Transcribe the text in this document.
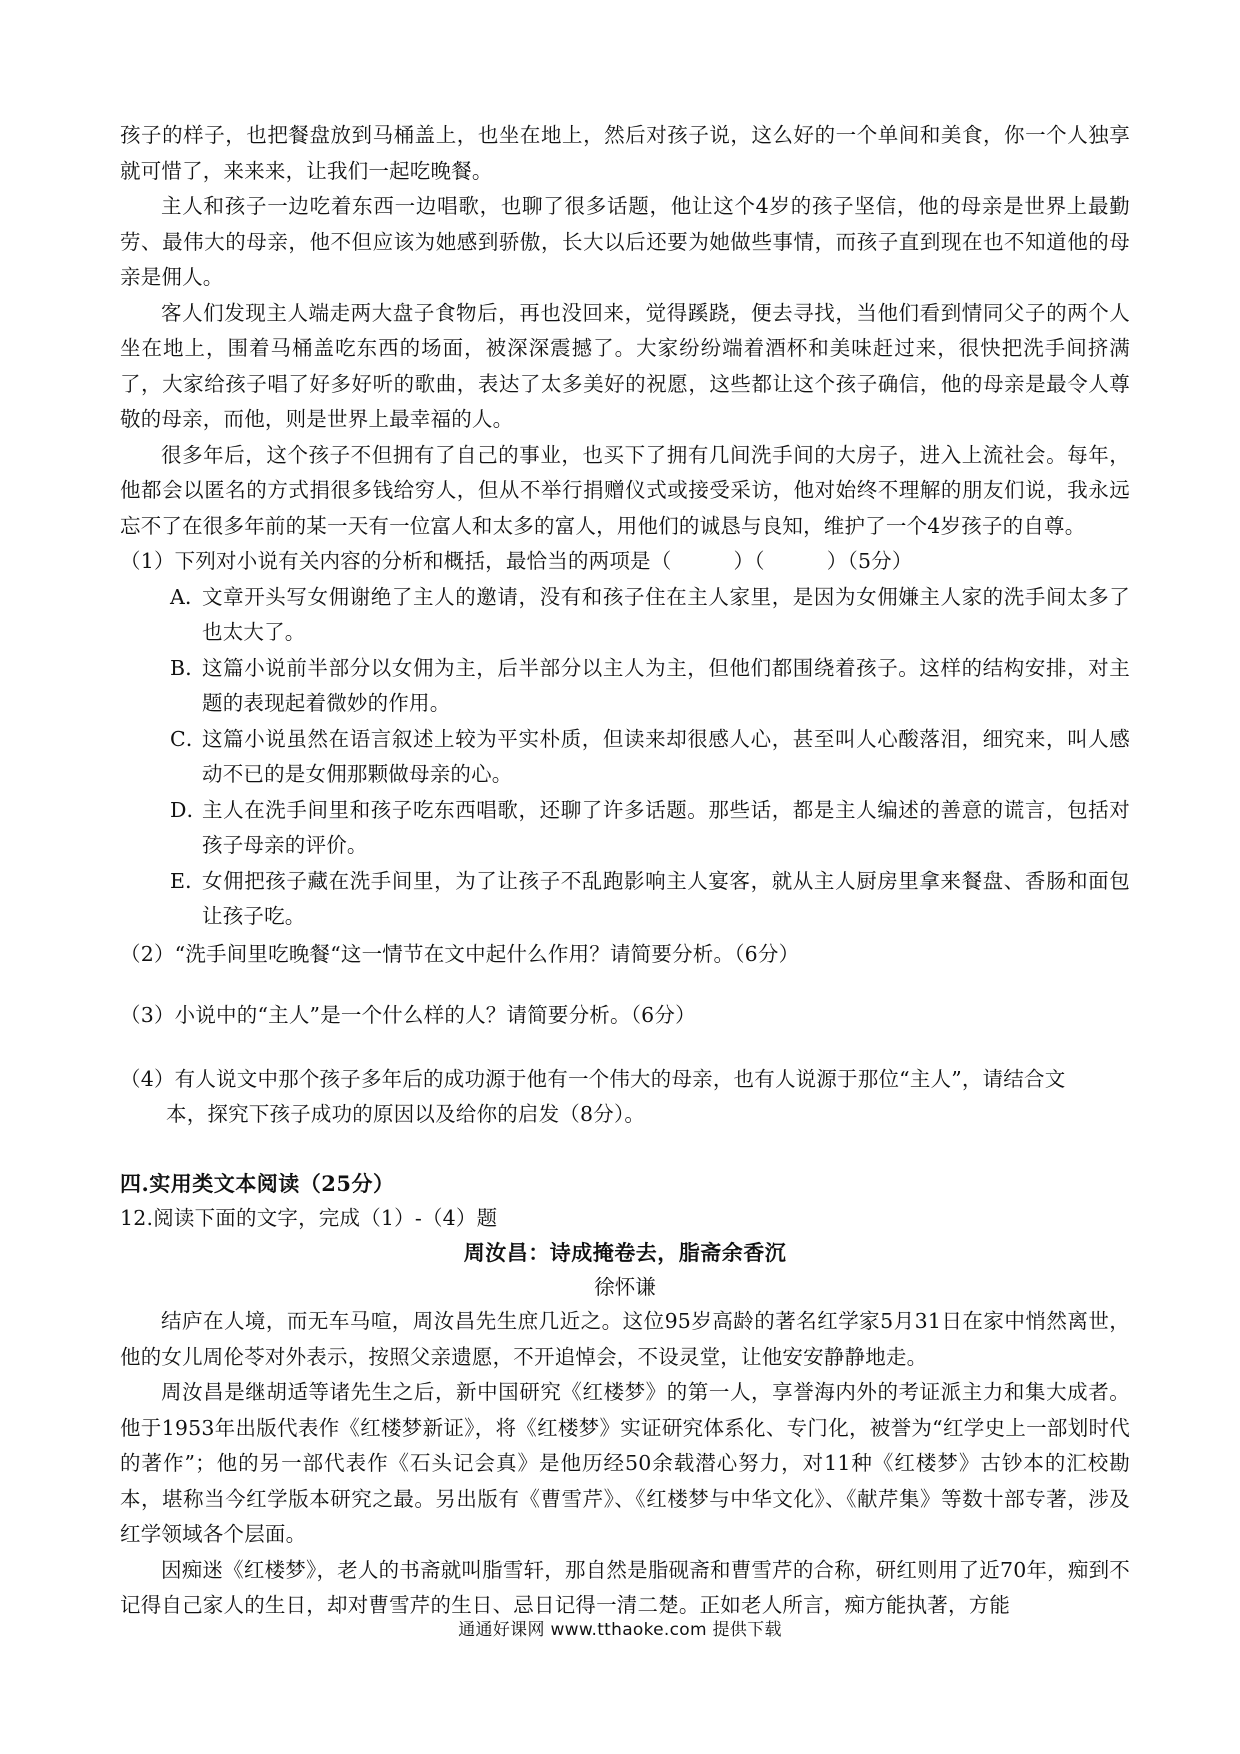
孩子的样子，也把餐盘放到马桶盖上，也坐在地上，然后对孩子说，这么好的一个单间和美食，你一个人独享就可惜了，来来来，让我们一起吃晚餐。

主人和孩子一边吃着东西一边唱歌，也聊了很多话题，他让这个4岁的孩子坚信，他的母亲是世界上最勤劳、最伟大的母亲，他不但应该为她感到骄傲，长大以后还要为她做些事情，而孩子直到现在也不知道他的母亲是佣人。

客人们发现主人端走两大盘子食物后，再也没回来，觉得蹊跷，便去寻找，当他们看到情同父子的两个人坐在地上，围着马桶盖吃东西的场面，被深深震撼了。大家纷纷端着酒杯和美味赶过来，很快把洗手间挤满了，大家给孩子唱了好多好听的歌曲，表达了太多美好的祝愿，这些都让这个孩子确信，他的母亲是最令人尊敬的母亲，而他，则是世界上最幸福的人。

很多年后，这个孩子不但拥有了自己的事业，也买下了拥有几间洗手间的大房子，进入上流社会。每年，他都会以匿名的方式捐很多钱给穷人，但从不举行捐赠仪式或接受采访，他对始终不理解的朋友们说，我永远忘不了在很多年前的某一天有一位富人和太多的富人，用他们的诚恳与良知，维护了一个4岁孩子的自尊。

（1）下列对小说有关内容的分析和概括，最恰当的两项是（　　　）（　　　）（5分）
A．
文章开头写女佣谢绝了主人的邀请，没有和孩子住在主人家里，是因为女佣嫌主人家的洗手间太多了也太大了。
B．
这篇小说前半部分以女佣为主，后半部分以主人为主，但他们都围绕着孩子。这样的结构安排，对主题的表现起着微妙的作用。
C．
这篇小说虽然在语言叙述上较为平实朴质，但读来却很感人心，甚至叫人心酸落泪，细究来，叫人感动不已的是女佣那颗做母亲的心。
D．
主人在洗手间里和孩子吃东西唱歌，还聊了许多话题。那些话，都是主人编述的善意的谎言，包括对孩子母亲的评价。
E．
女佣把孩子藏在洗手间里，为了让孩子不乱跑影响主人宴客，就从主人厨房里拿来餐盘、香肠和面包让孩子吃。
（2）“洗手间里吃晚餐“这一情节在文中起什么作用？请简要分析。（6分）
（3）小说中的“主人”是一个什么样的人？请简要分析。（6分）
（4）有人说文中那个孩子多年后的成功源于他有一个伟大的母亲，也有人说源于那位“主人”，请结合文
本，探究下孩子成功的原因以及给你的启发（8分）。
四.实用类文本阅读（25分）
12.阅读下面的文字，完成（1）-（4）题
周汝昌：诗成掩卷去，脂斋余香沉
徐怀谦

结庐在人境，而无车马喧，周汝昌先生庶几近之。这位95岁高龄的著名红学家5月31日在家中悄然离世，他的女儿周伦苓对外表示，按照父亲遗愿，不开追悼会，不设灵堂，让他安安静静地走。

周汝昌是继胡适等诸先生之后，新中国研究《红楼梦》的第一人，享誉海内外的考证派主力和集大成者。他于1953年出版代表作《红楼梦新证》，将《红楼梦》实证研究体系化、专门化，被誉为“红学史上一部划时代的著作”；他的另一部代表作《石头记会真》是他历经50余载潜心努力，对11种《红楼梦》古钞本的汇校勘本，堪称当今红学版本研究之最。另出版有《曹雪芹》、《红楼梦与中华文化》、《献芹集》等数十部专著，涉及红学领域各个层面。

因痴迷《红楼梦》，老人的书斋就叫脂雪轩，那自然是脂砚斋和曹雪芹的合称，研红则用了近70年，痴到不记得自己家人的生日，却对曹雪芹的生日、忌日记得一清二楚。正如老人所言，痴方能执著，方能

通通好课网 www.tthaoke.com 提供下载
